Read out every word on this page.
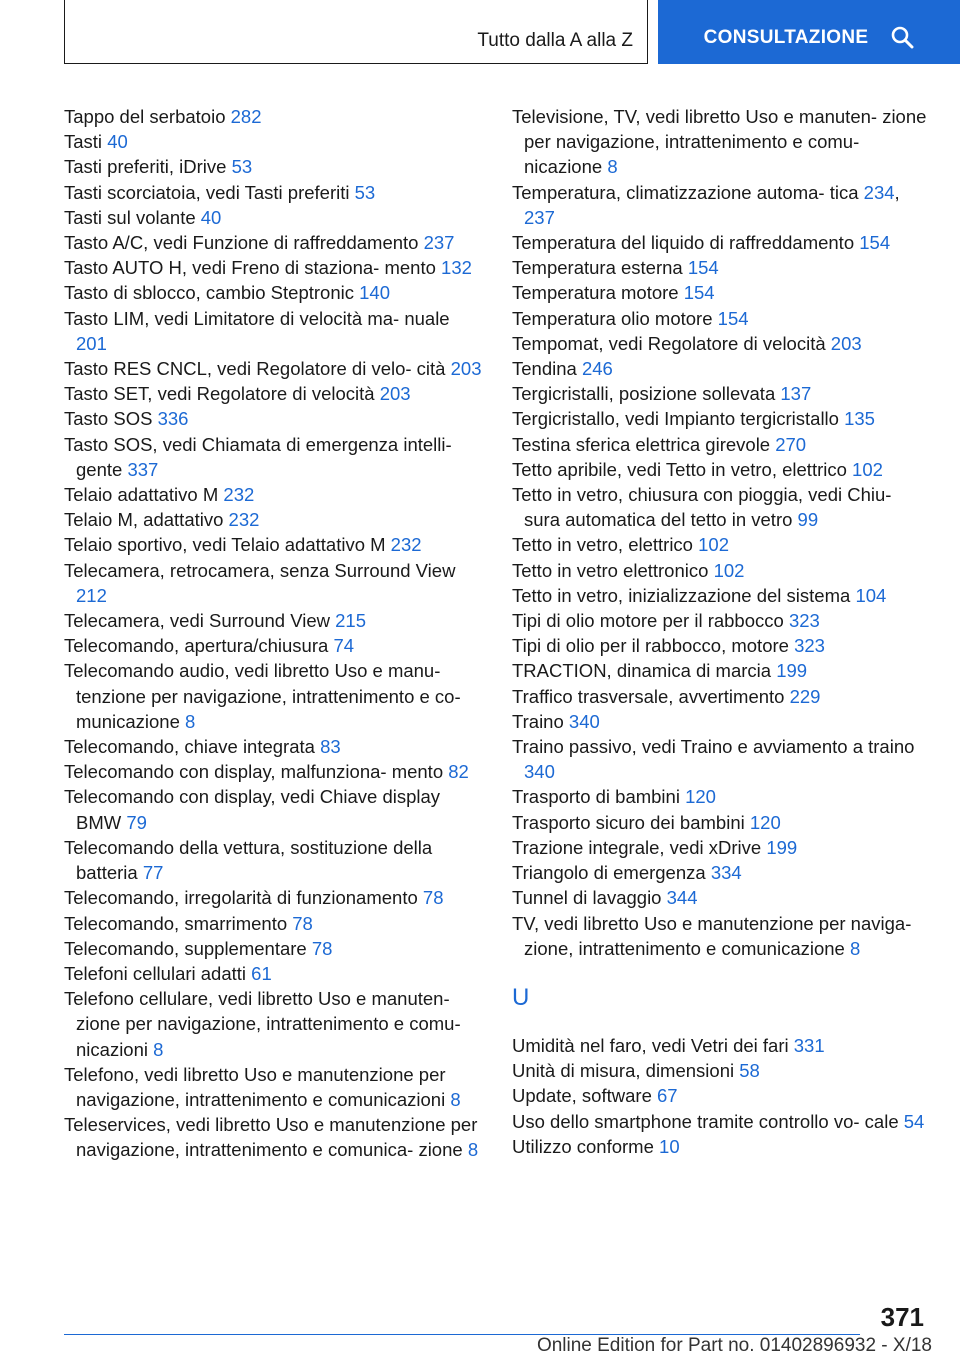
Tutto dalla A alla Z	CONSULTAZIONE
Tappo del serbatoio 282
Tasti 40
Tasti preferiti, iDrive 53
Tasti scorciatoia, vedi Tasti preferiti 53
Tasti sul volante 40
Tasto A/C, vedi Funzione di raffreddamento 237
Tasto AUTO H, vedi Freno di staziona‐ mento 132
Tasto di sblocco, cambio Steptronic 140
Tasto LIM, vedi Limitatore di velocità ma‐ nuale 201
Tasto RES CNCL, vedi Regolatore di velo‐ cità 203
Tasto SET, vedi Regolatore di velocità 203
Tasto SOS 336
Tasto SOS, vedi Chiamata di emergenza intelli‐ gente 337
Telaio adattativo M 232
Telaio M, adattativo 232
Telaio sportivo, vedi Telaio adattativo M 232
Telecamera, retrocamera, senza Surround View 212
Telecamera, vedi Surround View 215
Telecomando, apertura/chiusura 74
Telecomando audio, vedi libretto Uso e manu‐ tenzione per navigazione, intrattenimento e co‐ municazione 8
Telecomando, chiave integrata 83
Telecomando con display, malfunziona‐ mento 82
Telecomando con display, vedi Chiave display BMW 79
Telecomando della vettura, sostituzione della batteria 77
Telecomando, irregolarità di funzionamento 78
Telecomando, smarrimento 78
Telecomando, supplementare 78
Telefoni cellulari adatti 61
Telefono cellulare, vedi libretto Uso e manuten‐ zione per navigazione, intrattenimento e comu‐ nicazioni 8
Telefono, vedi libretto Uso e manutenzione per navigazione, intrattenimento e comunicazioni 8
Teleservices, vedi libretto Uso e manutenzione per navigazione, intrattenimento e comunica‐ zione 8
Televisione, TV, vedi libretto Uso e manuten‐ zione per navigazione, intrattenimento e comu‐ nicazione 8
Temperatura, climatizzazione automa‐ tica 234, 237
Temperatura del liquido di raffreddamento 154
Temperatura esterna 154
Temperatura motore 154
Temperatura olio motore 154
Tempomat, vedi Regolatore di velocità 203
Tendina 246
Tergicristalli, posizione sollevata 137
Tergicristallo, vedi Impianto tergicristallo 135
Testina sferica elettrica girevole 270
Tetto apribile, vedi Tetto in vetro, elettrico 102
Tetto in vetro, chiusura con pioggia, vedi Chiu‐ sura automatica del tetto in vetro 99
Tetto in vetro, elettrico 102
Tetto in vetro elettronico 102
Tetto in vetro, inizializzazione del sistema 104
Tipi di olio motore per il rabbocco 323
Tipi di olio per il rabbocco, motore 323
TRACTION, dinamica di marcia 199
Traffico trasversale, avvertimento 229
Traino 340
Traino passivo, vedi Traino e avviamento a traino 340
Trasporto di bambini 120
Trasporto sicuro dei bambini 120
Trazione integrale, vedi xDrive 199
Triangolo di emergenza 334
Tunnel di lavaggio 344
TV, vedi libretto Uso e manutenzione per naviga‐ zione, intrattenimento e comunicazione 8
U
Umidità nel faro, vedi Vetri dei fari 331
Unità di misura, dimensioni 58
Update, software 67
Uso dello smartphone tramite controllo vo‐ cale 54
Utilizzo conforme 10
371
Online Edition for Part no. 01402896932 - X/18
